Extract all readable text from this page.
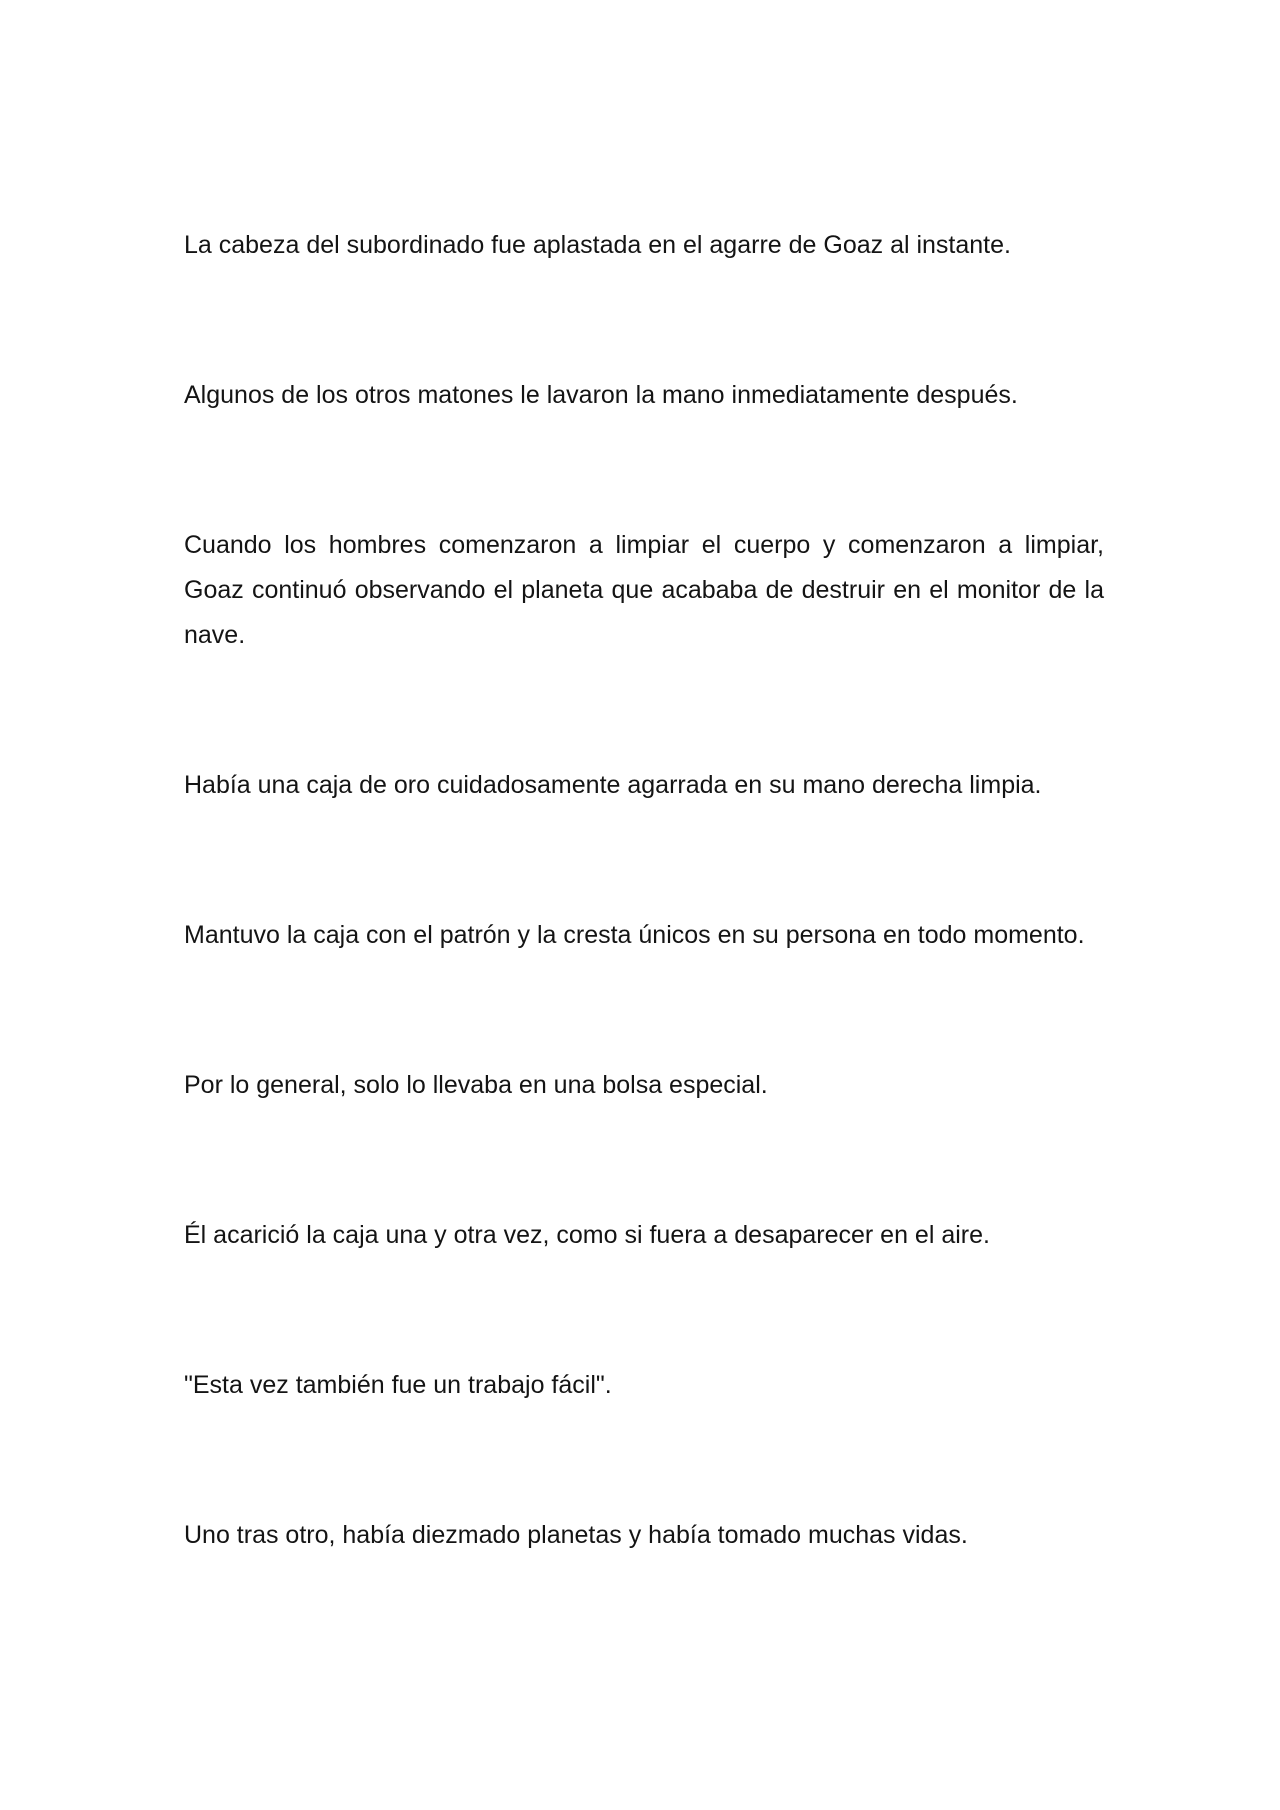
La cabeza del subordinado fue aplastada en el agarre de Goaz al instante.

Algunos de los otros matones le lavaron la mano inmediatamente después.

Cuando los hombres comenzaron a limpiar el cuerpo y comenzaron a limpiar, Goaz continuó observando el planeta que acababa de destruir en el monitor de la nave.

Había una caja de oro cuidadosamente agarrada en su mano derecha limpia.

Mantuvo la caja con el patrón y la cresta únicos en su persona en todo momento.

Por lo general, solo lo llevaba en una bolsa especial.

Él acarició la caja una y otra vez, como si fuera a desaparecer en el aire.

"Esta vez también fue un trabajo fácil".

Uno tras otro, había diezmado planetas y había tomado muchas vidas.
